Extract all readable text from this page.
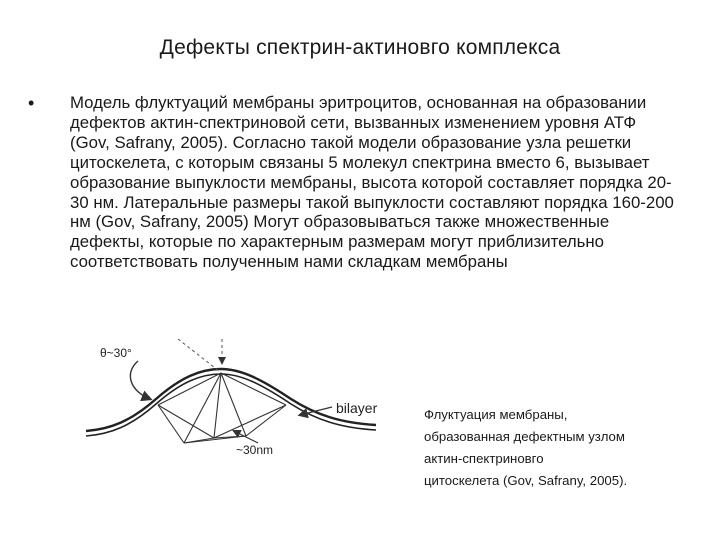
Дефекты спектрин-актиновго комплекса
• Модель флуктуаций мембраны эритроцитов, основанная на образовании дефектов актин-спектриновой сети, вызванных изменением уровня АТФ (Gov, Safrany, 2005). Согласно такой модели образование узла решетки цитоскелета, с которым связаны 5 молекул спектрина вместо 6, вызывает образование выпуклости мембраны, высота которой составляет порядка 20-30 нм. Латеральные размеры такой выпуклости составляют порядка 160-200 нм (Gov, Safrany, 2005) Могут образовываться также множественные дефекты, которые по характерным размерам могут приблизительно соответствовать полученным нами складкам мембраны
θ~30°
bilayer
~30nm
Флуктуация мембраны,
образованная дефектным узлом
актин-спектриновго
цитоскелета (Gov, Safrany, 2005).
